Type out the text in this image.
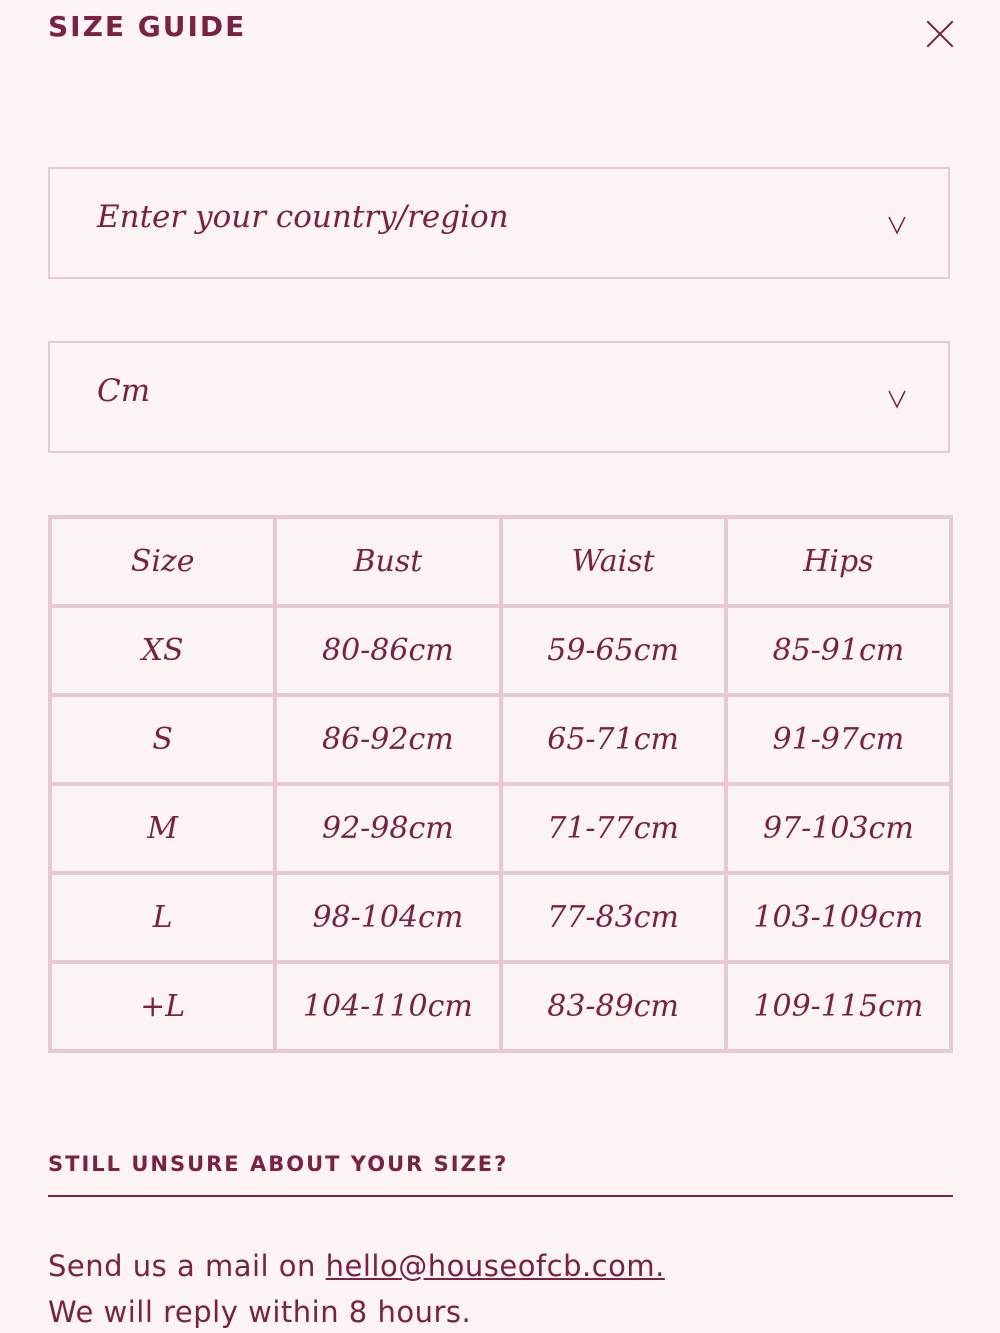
SIZE GUIDE
Enter your country/region
Cm
Size	Bust	Waist	Hips
XS	80-86cm	59-65cm	85-91cm
S	86-92cm	65-71cm	91-97cm
M	92-98cm	71-77cm	97-103cm
L	98-104cm	77-83cm	103-109cm
+L	104-110cm	83-89cm	109-115cm
STILL UNSURE ABOUT YOUR SIZE?
Send us a mail on hello@houseofcb.com.
We will reply within 8 hours.
